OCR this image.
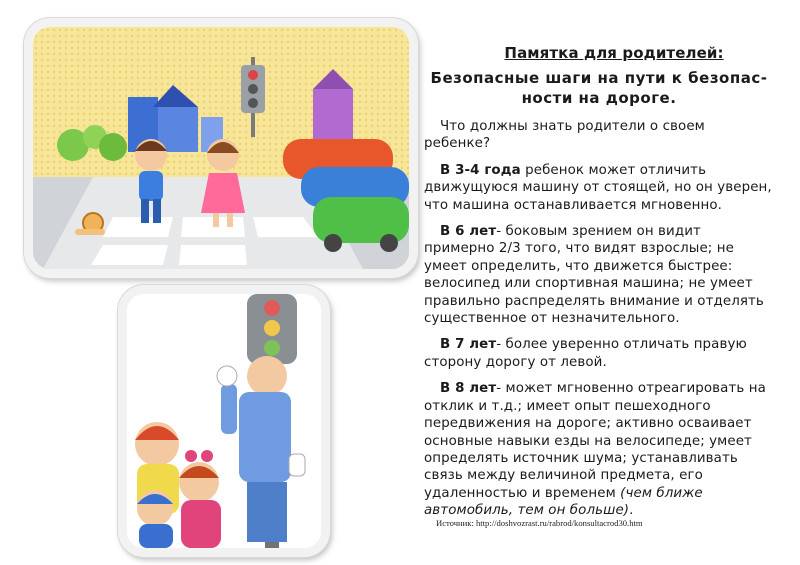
Памятка для родителей:
Безопасные шаги на пути к безопас-
ности на дороге.

Что должны знать родители о своем ребенке?

В 3-4 года ребенок может отличить движущуюся машину от стоящей, но он уверен, что машина останавливается мгновенно.

В 6 лет- боковым зрением он видит примерно 2/3 того, что видят взрослые; не умеет определить, что движется быстрее: велосипед или спортивная машина; не умеет правильно распределять внимание и отделять существенное от незначительного.

В 7 лет- более уверенно отличать правую сторону дорогу от левой.

В 8 лет- может мгновенно отреагировать на отклик и т.д.; имеет опыт пешеходного передвижения на дороге; активно осваивает основные навыки езды на велосипеде; умеет определять источник шума; устанавливать связь между величиной предмета, его удаленностью и временем (чем ближе автомобиль, тем он больше).

Источник: http://doshvozrast.ru/rabrod/konsultacrod30.htm
